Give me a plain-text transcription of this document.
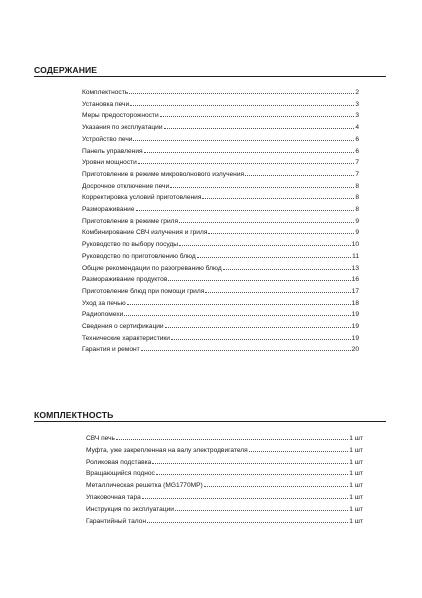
СОДЕРЖАНИЕ
Комплектность	2
Установка печи	3
Меры предосторожности	3
Указания по эксплуатации	4
Устройство печи	6
Панель управления	6
Уровни мощности	7
Приготовление в режиме микроволнового излучения	7
Досрочное отключение печи	8
Корректировка условий приготовления	8
Размораживание	8
Приготовление в режиме гриля	9
Комбинирование СВЧ излучения и гриля	9
Руководство по выбору посуды	10
Руководство по приготовлению блюд	11
Общие рекомендации по разогреванию блюд	13
Размораживание продуктов	16
Приготовление блюд при помощи гриля	17
Уход за печью	18
Радиопомехи	19
Сведения о сертификации	19
Технические характеристики	19
Гарантия и ремонт	20
КОМПЛЕКТНОСТЬ
СВЧ печь	1 шт
Муфта, уже закрепленная на валу электродвигателя	1 шт
Роликовая подставка	1 шт
Вращающийся поднос	1 шт
Металлическая решетка (MG1770MP)	1 шт
Упаковочная тара	1 шт
Инструкция по эксплуатации	1 шт
Гарантийный талон	1 шт
